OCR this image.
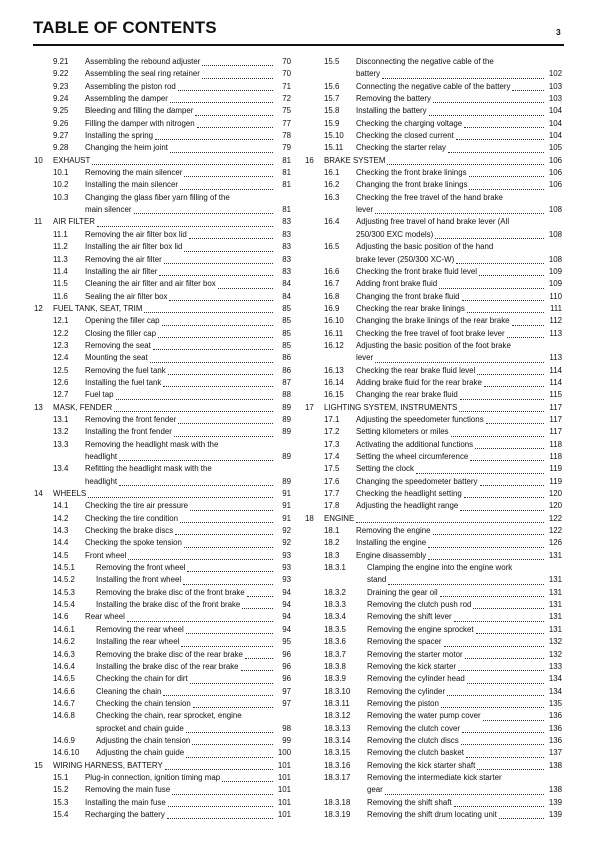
TABLE OF CONTENTS	3
9.21	Assembling the rebound adjuster	70
9.22	Assembling the seal ring retainer	70
9.23	Assembling the piston rod	71
9.24	Assembling the damper	72
9.25	Bleeding and filling the damper	75
9.26	Filling the damper with nitrogen	77
9.27	Installing the spring	78
9.28	Changing the heim joint	79
10	EXHAUST	81
10.1	Removing the main silencer	81
10.2	Installing the main silencer	81
10.3	Changing the glass fiber yarn filling of the
main silencer	81
11	AIR FILTER	83
11.1	Removing the air filter box lid	83
11.2	Installing the air filter box lid	83
11.3	Removing the air filter	83
11.4	Installing the air filter	83
11.5	Cleaning the air filter and air filter box	84
11.6	Sealing the air filter box	84
12	FUEL TANK, SEAT, TRIM	85
12.1	Opening the filler cap	85
12.2	Closing the filler cap	85
12.3	Removing the seat	85
12.4	Mounting the seat	86
12.5	Removing the fuel tank	86
12.6	Installing the fuel tank	87
12.7	Fuel tap	88
13	MASK, FENDER	89
13.1	Removing the front fender	89
13.2	Installing the front fender	89
13.3	Removing the headlight mask with the
headlight	89
13.4	Refitting the headlight mask with the
headlight	89
14	WHEELS	91
14.1	Checking the tire air pressure	91
14.2	Checking the tire condition	91
14.3	Checking the brake discs	92
14.4	Checking the spoke tension	92
14.5	Front wheel	93
14.5.1	Removing the front wheel	93
14.5.2	Installing the front wheel	93
14.5.3	Removing the brake disc of the front brake	94
14.5.4	Installing the brake disc of the front brake	94
14.6	Rear wheel	94
14.6.1	Removing the rear wheel	94
14.6.2	Installing the rear wheel	95
14.6.3	Removing the brake disc of the rear brake	96
14.6.4	Installing the brake disc of the rear brake	96
14.6.5	Checking the chain for dirt	96
14.6.6	Cleaning the chain	97
14.6.7	Checking the chain tension	97
14.6.8	Checking the chain, rear sprocket, engine
sprocket and chain guide	98
14.6.9	Adjusting the chain tension	99
14.6.10	Adjusting the chain guide	100
15	WIRING HARNESS, BATTERY	101
15.1	Plug-in connection, ignition timing map	101
15.2	Removing the main fuse	101
15.3	Installing the main fuse	101
15.4	Recharging the battery	101
15.5	Disconnecting the negative cable of the
battery	102
15.6	Connecting the negative cable of the battery	103
15.7	Removing the battery	103
15.8	Installing the battery	104
15.9	Checking the charging voltage	104
15.10	Checking the closed current	104
15.11	Checking the starter relay	105
16	BRAKE SYSTEM	106
16.1	Checking the front brake linings	106
16.2	Changing the front brake linings	106
16.3	Checking the free travel of the hand brake
lever	108
16.4	Adjusting free travel of hand brake lever (All
250/300 EXC models)	108
16.5	Adjusting the basic position of the hand
brake lever (250/300 XC-W)	108
16.6	Checking the front brake fluid level	109
16.7	Adding front brake fluid	109
16.8	Changing the front brake fluid	110
16.9	Checking the rear brake linings	111
16.10	Changing the brake linings of the rear brake	112
16.11	Checking the free travel of foot brake lever	113
16.12	Adjusting the basic position of the foot brake
lever	113
16.13	Checking the rear brake fluid level	114
16.14	Adding brake fluid for the rear brake	114
16.15	Changing the rear brake fluid	115
17	LIGHTING SYSTEM, INSTRUMENTS	117
17.1	Adjusting the speedometer functions	117
17.2	Setting kilometers or miles	117
17.3	Activating the additional functions	118
17.4	Setting the wheel circumference	118
17.5	Setting the clock	119
17.6	Changing the speedometer battery	119
17.7	Checking the headlight setting	120
17.8	Adjusting the headlight range	120
18	ENGINE	122
18.1	Removing the engine	122
18.2	Installing the engine	126
18.3	Engine disassembly	131
18.3.1	Clamping the engine into the engine work
stand	131
18.3.2	Draining the gear oil	131
18.3.3	Removing the clutch push rod	131
18.3.4	Removing the shift lever	131
18.3.5	Removing the engine sprocket	131
18.3.6	Removing the spacer	132
18.3.7	Removing the starter motor	132
18.3.8	Removing the kick starter	133
18.3.9	Removing the cylinder head	134
18.3.10	Removing the cylinder	134
18.3.11	Removing the piston	135
18.3.12	Removing the water pump cover	136
18.3.13	Removing the clutch cover	136
18.3.14	Removing the clutch discs	136
18.3.15	Removing the clutch basket	137
18.3.16	Removing the kick starter shaft	138
18.3.17	Removing the intermediate kick starter
gear	138
18.3.18	Removing the shift shaft	139
18.3.19	Removing the shift drum locating unit	139
